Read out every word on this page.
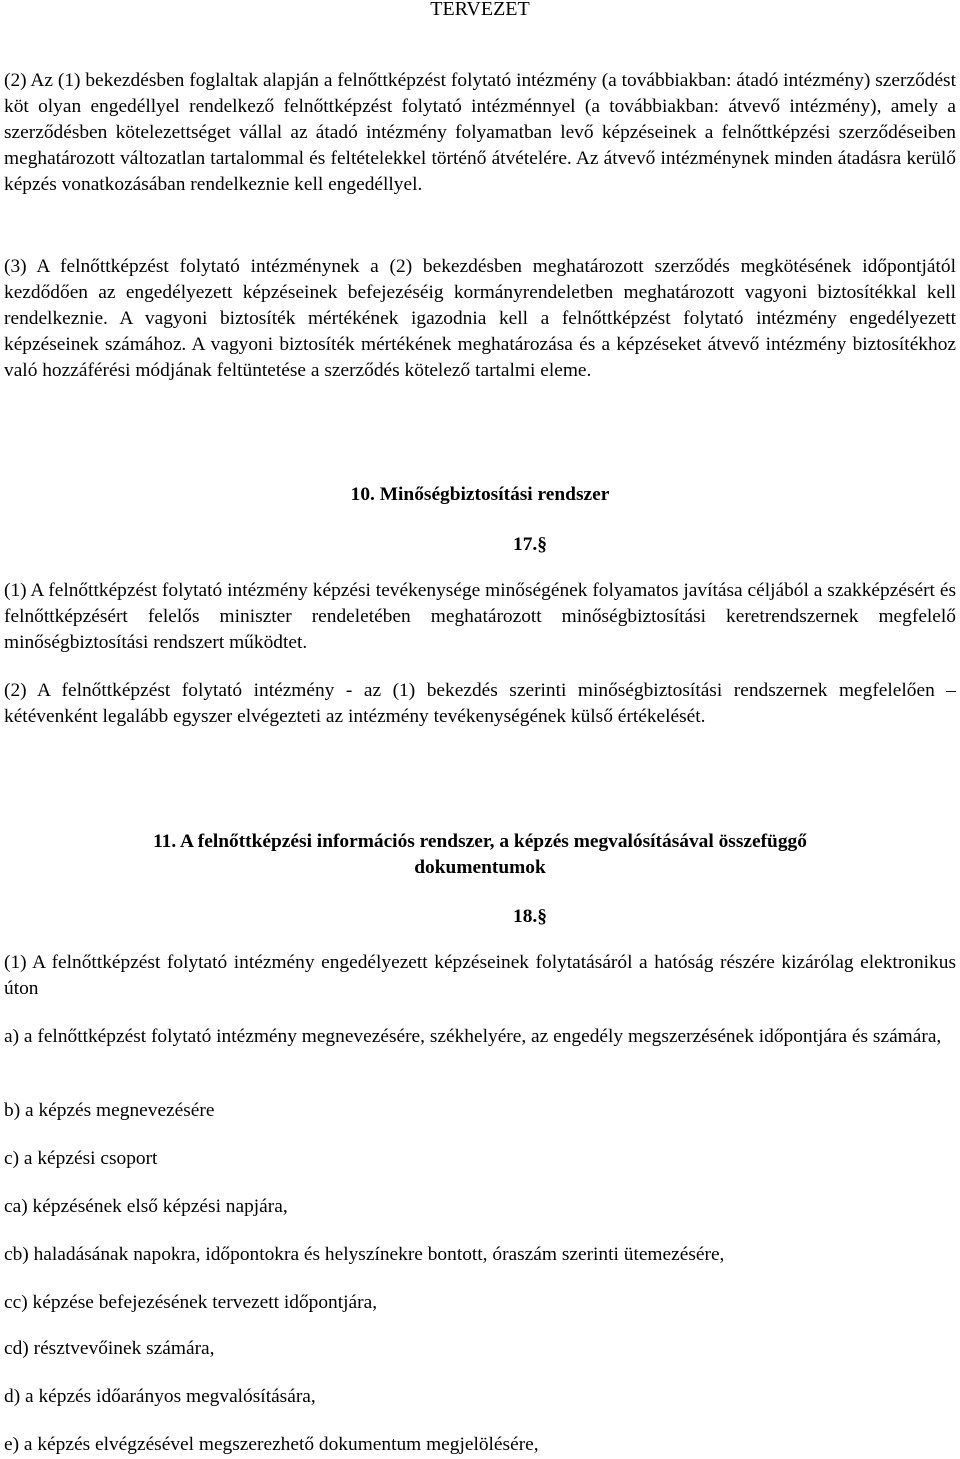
TERVEZET

(2) Az (1) bekezdésben foglaltak alapján a felnőttképzést folytató intézmény (a továbbiakban: átadó intézmény) szerződést köt olyan engedéllyel rendelkező felnőttképzést folytató intézménnyel (a továbbiakban: átvevő intézmény), amely a szerződésben kötelezettséget vállal az átadó intézmény folyamatban levő képzéseinek a felnőttképzési szerződéseiben meghatározott változatlan tartalommal és feltételekkel történő átvételére. Az átvevő intézménynek minden átadásra kerülő képzés vonatkozásában rendelkeznie kell engedéllyel.

(3) A felnőttképzést folytató intézménynek a (2) bekezdésben meghatározott szerződés megkötésének időpontjától kezdődően az engedélyezett képzéseinek befejezéséig kormányrendeletben meghatározott vagyoni biztosítékkal kell rendelkeznie. A vagyoni biztosíték mértékének igazodnia kell a felnőttképzést folytató intézmény engedélyezett képzéseinek számához. A vagyoni biztosíték mértékének meghatározása és a képzéseket átvevő intézmény biztosítékhoz való hozzáférési módjának feltüntetése a szerződés kötelező tartalmi eleme.

10. Minőségbiztosítási rendszer

17.§

(1) A felnőttképzést folytató intézmény képzési tevékenysége minőségének folyamatos javítása céljából a szakképzésért és felnőttképzésért felelős miniszter rendeletében meghatározott minőségbiztosítási keretrendszernek megfelelő minőségbiztosítási rendszert működtet.

(2) A felnőttképzést folytató intézmény - az (1) bekezdés szerinti minőségbiztosítási rendszernek megfelelően – kétévenként legalább egyszer elvégezteti az intézmény tevékenységének külső értékelését.

11. A felnőttképzési információs rendszer, a képzés megvalósításával összefüggő

dokumentumok

18.§

(1) A felnőttképzést folytató intézmény engedélyezett képzéseinek folytatásáról a hatóság részére kizárólag elektronikus úton

a) a felnőttképzést folytató intézmény megnevezésére, székhelyére, az engedély megszerzésének időpontjára és számára,

b) a képzés megnevezésére

c) a képzési csoport

ca) képzésének első képzési napjára,

cb) haladásának napokra, időpontokra és helyszínekre bontott, óraszám szerinti ütemezésére,

cc) képzése befejezésének tervezett időpontjára,

cd) résztvevőinek számára,

d) a képzés időarányos megvalósítására,

e) a képzés elvégzésével megszerezhető dokumentum megjelölésére,
